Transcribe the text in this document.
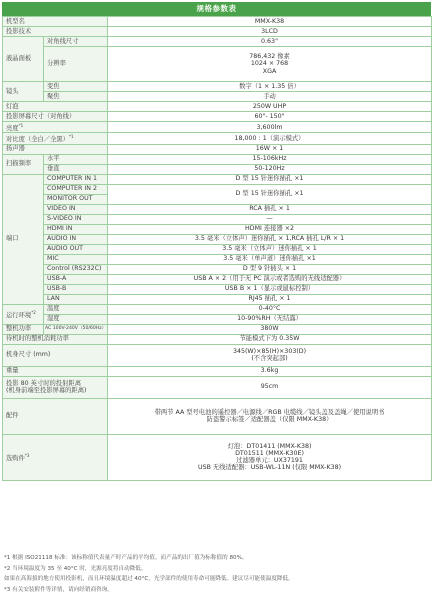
规格参数表
机型名		MMX-K38
投影技术		3LCD
液晶面板	对角线尺寸	0.63"
	分辨率	786,432 像素
1024 × 768
XGA

镜头	变焦	数字（1 × 1.35 倍）
	聚焦	手动
灯泡		250W UHP
投影屏幕尺寸（对角线）		60"- 150"
亮度$^{*1}$		3,600lm
对比度（全白／全黑）$^{*1}$		18,000 : 1（演示模式）
扬声器		16W × 1
扫描频率	水平	15-106kHz
	垂直	50-120Hz
端口	COMPUTER IN 1	D 型 15 针迷你插孔 ×1
	COMPUTER IN 2	D 型 15 针迷你插孔 ×1
	MONITOR OUT	
	VIDEO IN	RCA 插孔 × 1
	S-VIDEO IN	—
	HDMI IN	HDMI 连接器 ×2
	AUDIO IN	3.5 毫米（立体声）迷你插孔 × 1,RCA 插孔 L/R × 1
	AUDIO OUT	3.5 毫米（立体声）迷你插孔 × 1
	MIC	3.5 毫米（单声道）迷你插孔 ×1
	Control (RS232C)	D 型 9 针插头 × 1
	USB-A	USB A × 2（用于无 PC 演示或者选购的无线适配器）
	USB-B	USB B × 1（显示或鼠标控制）
	LAN	RJ45 插孔 × 1
运行环境$^{*2}$	温度	0-40°C
	湿度	10-90%RH（无结露）
整机功率	AC 100V-240V（50/60Hz）	380W
待机时的整机消耗功率		节能模式下为 0.35W
机身尺寸 (mm)		345(W)×85(H)×303(D)
(不含突起部)

重量		3.6kg

投影 80 英寸时的投射距离
(机身前端至投影屏幕的距离)		95cm
配件		带两节 AA 型号电池的遥控器／电源线／RGB 电缆线／镜头盖及盖绳／使用说明书
防盗警示标签／适配器盖（仅限 MMX-K38）

选购件$^{*3}$		灯泡：DT01411 (MMX-K38)
DT01511 (MMX-K30E)
过滤器单元：UX37191
USB 无线适配器：USB-WL-11N (仅限 MMX-K38)
*1 根据 ISO21118 标准：该标称值代表量产时产品的平均值。而产品的出厂值为标称值的 80%。
*2 当环境温度为 35 至 40°C 时，光源亮度将自动降低。
如果在高海拔的地方使用投影机，而且环境温度超过 40°C，光学部件的使用寿命可能降低。建议尽可能使温度降低。
*3 有关安装附件等详情，请向经销商咨询。
